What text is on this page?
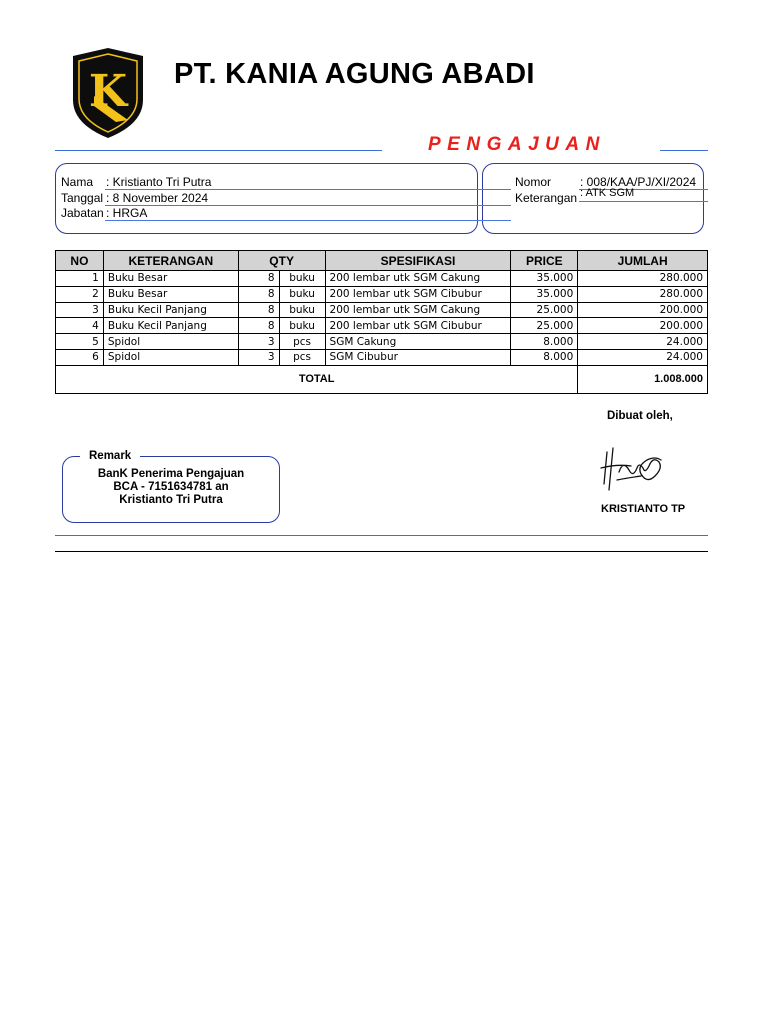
K PT. KANIA AGUNG ABADI
PENGAJUAN
Nama : Kristianto Tri Putra
Tanggal : 8 November 2024
Jabatan : HRGA
Nomor : 008/KAA/PJ/XI/2024
Keterangan : ATK SGM
NO	KETERANGAN	QTY		SPESIFIKASI	PRICE	JUMLAH
1	Buku Besar	8	buku	200 lembar utk SGM Cakung	35.000	280.000
2	Buku Besar	8	buku	200 lembar utk SGM Cibubur	35.000	280.000
3	Buku Kecil Panjang	8	buku	200 lembar utk SGM Cakung	25.000	200.000
4	Buku Kecil Panjang	8	buku	200 lembar utk SGM Cibubur	25.000	200.000
5	Spidol	3	pcs	SGM Cakung	8.000	24.000
6	Spidol	3	pcs	SGM Cibubur	8.000	24.000
TOTAL						1.008.000
Dibuat oleh,
KRISTIANTO TP
Remark
BanK Penerima Pengajuan
BCA - 7151634781 an
Kristianto Tri Putra
